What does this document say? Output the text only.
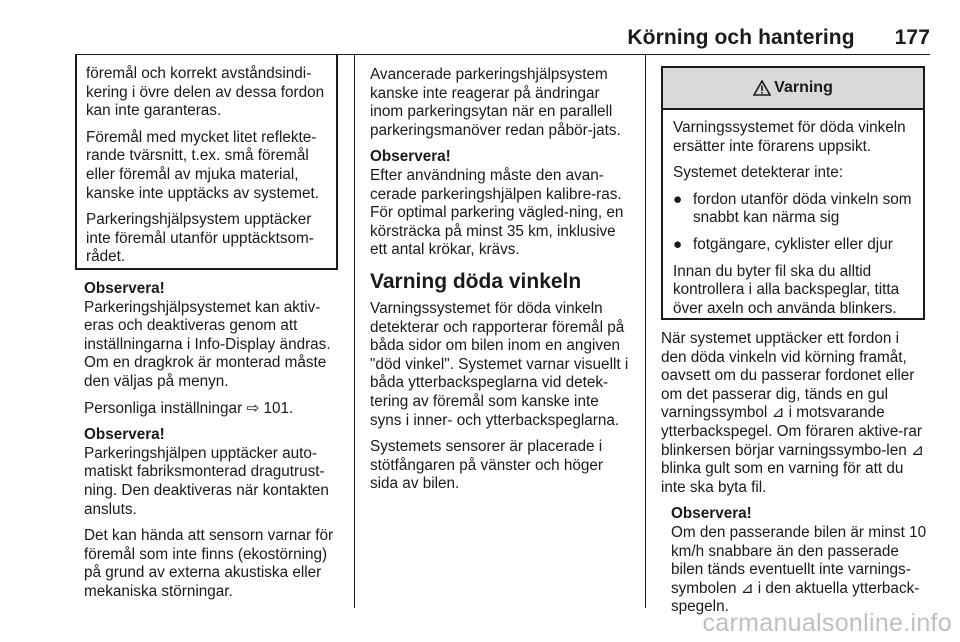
Körning och hantering 177

föremål och korrekt avståndsindi-kering i övre delen av dessa fordon kan inte garanteras.

Föremål med mycket litet reflekte-rande tvärsnitt, t.ex. små föremål eller föremål av mjuka material, kanske inte upptäcks av systemet.

Parkeringshjälpsystem upptäcker inte föremål utanför upptäcktsom-rådet.

Observera!

Parkeringshjälpsystemet kan aktiv-eras och deaktiveras genom att inställningarna i Info-Display ändras. Om en dragkrok är monterad måste den väljas på menyn.

Personliga inställningar ⇨ 101.

Observera!

Parkeringshjälpen upptäcker auto-matiskt fabriksmonterad dragutrust-ning. Den deaktiveras när kontakten ansluts.

Det kan hända att sensorn varnar för föremål som inte finns (ekostörning) på grund av externa akustiska eller mekaniska störningar.

Avancerade parkeringshjälpsystem kanske inte reagerar på ändringar inom parkeringsytan när en parallell parkeringsmanöver redan påbör-jats.

Observera!

Efter användning måste den avan-cerade parkeringshjälpen kalibre-ras. För optimal parkering vägled-ning, en körsträcka på minst 35 km, inklusive ett antal krökar, krävs.

Varning döda vinkeln

Varningssystemet för döda vinkeln detekterar och rapporterar föremål på båda sidor om bilen inom en angiven "död vinkel". Systemet varnar visuellt i båda ytterbackspeglarna vid detek-tering av föremål som kanske inte syns i inner- och ytterbackspeglarna.

Systemets sensorer är placerade i stötfångaren på vänster och höger sida av bilen.

Varning

Varningssystemet för döda vinkeln ersätter inte förarens uppsikt.

Systemet detekterar inte:

● fordon utanför döda vinkeln som snabbt kan närma sig
● fotgängare, cyklister eller djur

Innan du byter fil ska du alltid kontrollera i alla backspeglar, titta över axeln och använda blinkers.

När systemet upptäcker ett fordon i den döda vinkeln vid körning framåt, oavsett om du passerar fordonet eller om det passerar dig, tänds en gul varningssymbol ⊿ i motsvarande ytterbackspegel. Om föraren aktive-rar blinkersen börjar varningssymbo-len ⊿ blinka gult som en varning för att du inte ska byta fil.

Observera!

Om den passerande bilen är minst 10 km/h snabbare än den passerade bilen tänds eventuellt inte varnings-symbolen ⊿ i den aktuella ytterback-spegeln.

carmanualsonline.info
